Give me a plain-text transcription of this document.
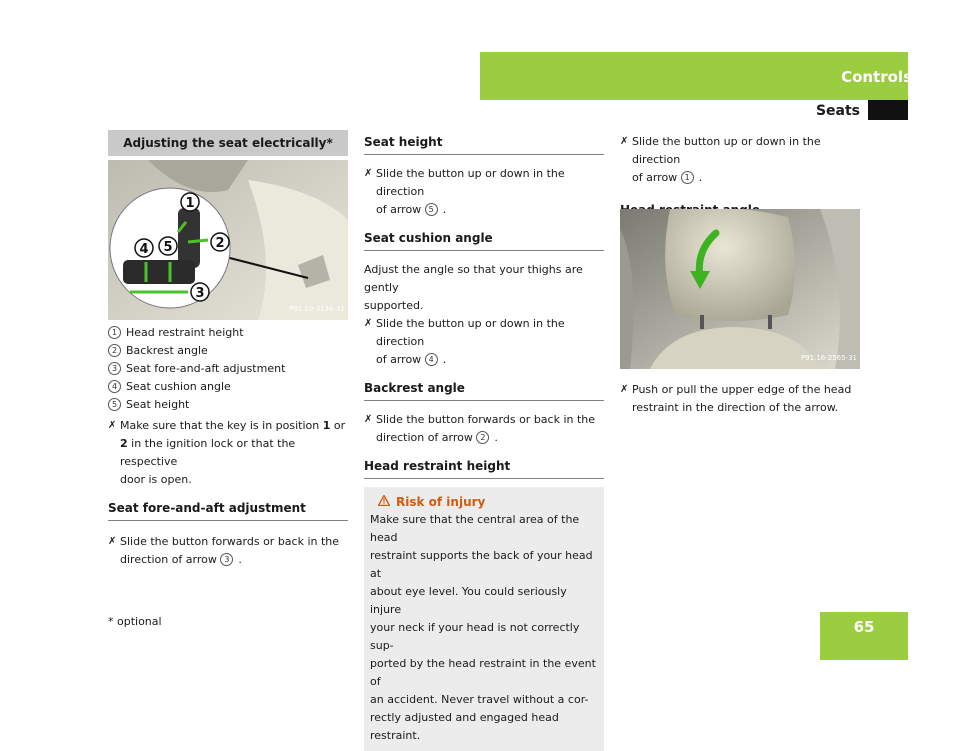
Controls
Seats
Adjusting the seat electrically*
1
2
3
4 5
P91.10-3136-31
1 Head restraint height
2 Backrest angle
3 Seat fore-and-aft adjustment
4 Seat cushion angle
5 Seat height
✗ Make sure that the key is in position 1 or

2 in the ignition lock or that the respective

door is open.

Seat fore-and-aft adjustment
✗ Slide the button forwards or back in the

direction of arrow 3 .

Seat height
✗ Slide the button up or down in the direction

of arrow 5 .

Seat cushion angle

Adjust the angle so that your thighs are gently

supported.

✗ Slide the button up or down in the direction

of arrow 4 .

Backrest angle
✗ Slide the button forwards or back in the

direction of arrow 2 .

Head restraint height
Risk of injury

Make sure that the central area of the head

restraint supports the back of your head at

about eye level. You could seriously injure

your neck if your head is not correctly sup-

ported by the head restraint in the event of

an accident. Never travel without a cor-

rectly adjusted and engaged head restraint.

✗ Slide the button up or down in the direction

of arrow 1 .

P91.16-2565-31
✗ Push or pull the upper edge of the head

restraint in the direction of the arrow.

* optional	65
